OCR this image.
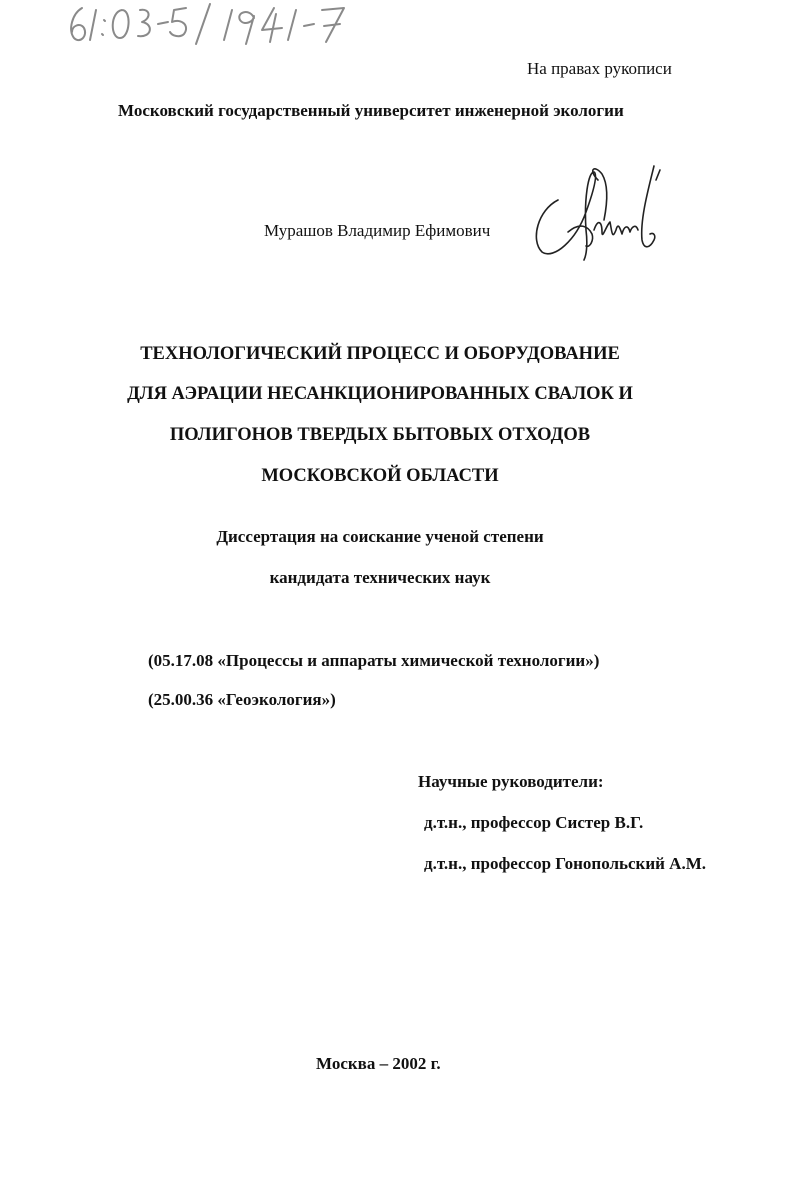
На правах рукописи
Московский государственный университет инженерной экологии
Мурашов Владимир Ефимович
ТЕХНОЛОГИЧЕСКИЙ ПРОЦЕСС И ОБОРУДОВАНИЕ
ДЛЯ АЭРАЦИИ НЕСАНКЦИОНИРОВАННЫХ СВАЛОК И
ПОЛИГОНОВ ТВЕРДЫХ БЫТОВЫХ ОТХОДОВ
МОСКОВСКОЙ ОБЛАСТИ
Диссертация на соискание ученой степени
кандидата технических наук
(05.17.08 «Процессы и аппараты химической технологии»)
(25.00.36 «Геоэкология»)
Научные руководители:
д.т.н., профессор Систер В.Г.
д.т.н., профессор Гонопольский А.М.
Москва – 2002 г.
